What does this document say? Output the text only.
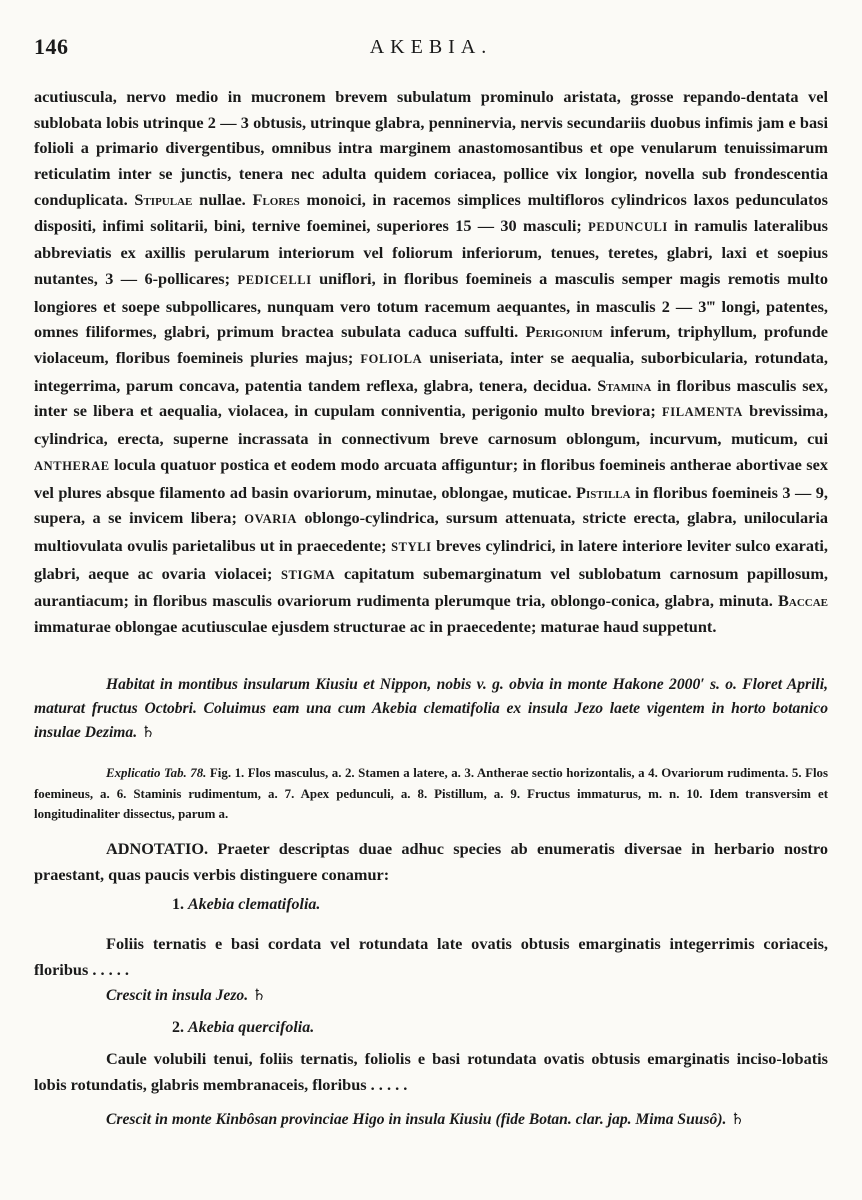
146	AKEBIA.

acutiuscula, nervo medio in mucronem brevem subulatum prominulo aristata, grosse repando-dentata vel sublobata lobis utrinque 2 — 3 obtusis, utrinque glabra, penninervia, nervis secundariis duobus infimis jam e basi folioli a primario divergentibus, omnibus intra marginem anastomosantibus et ope venularum tenuissimarum reticulatim inter se junctis, tenera nec adulta quidem coriacea, pollice vix longior, novella sub frondescentia conduplicata. Stipulae nullae. Flores monoici, in racemos simplices multifloros cylindricos laxos pedunculatos dispositi, infimi solitarii, bini, ternive foeminei, superiores 15 — 30 masculi; PEDUNCULI in ramulis lateralibus abbreviatis ex axillis perularum interiorum vel foliorum inferiorum, tenues, teretes, glabri, laxi et soepius nutantes, 3 — 6-pollicares; PEDICELLI uniflori, in floribus foemineis a masculis semper magis remotis multo longiores et soepe subpollicares, nunquam vero totum racemum aequantes, in masculis 2 — 3‴ longi, patentes, omnes filiformes, glabri, primum bractea subulata caduca suffulti. Perigonium inferum, triphyllum, profunde violaceum, floribus foemineis pluries majus; FOLIOLA uniseriata, inter se aequalia, suborbicularia, rotundata, integerrima, parum concava, patentia tandem reflexa, glabra, tenera, decidua. Stamina in floribus masculis sex, inter se libera et aequalia, violacea, in cupulam conniventia, perigonio multo breviora; FILAMENTA brevissima, cylindrica, erecta, superne incrassata in connectivum breve carnosum oblongum, incurvum, muticum, cui ANTHERAE locula quatuor postica et eodem modo arcuata affiguntur; in floribus foemineis antherae abortivae sex vel plures absque filamento ad basin ovariorum, minutae, oblongae, muticae. Pistilla in floribus foemineis 3 — 9, supera, a se invicem libera; OVARIA oblongo-cylindrica, sursum attenuata, stricte erecta, glabra, unilocularia multiovulata ovulis parietalibus ut in praecedente; STYLI breves cylindrici, in latere interiore leviter sulco exarati, glabri, aeque ac ovaria violacei; STIGMA capitatum subemarginatum vel sublobatum carnosum papillosum, aurantiacum; in floribus masculis ovariorum rudimenta plerumque tria, oblongo-conica, glabra, minuta. Baccae immaturae oblongae acutiusculae ejusdem structurae ac in praecedente; maturae haud suppetunt.

Habitat in montibus insularum Kiusiu et Nippon, nobis v. g. obvia in monte Hakone 2000′ s. o. Floret Aprili, maturat fructus Octobri. Coluimus eam una cum Akebia clematifolia ex insula Jezo laete vigentem in horto botanico insulae Dezima. ♄

Explicatio Tab. 78. Fig. 1. Flos masculus, a. 2. Stamen a latere, a. 3. Antherae sectio horizontalis, a 4. Ovariorum rudimenta. 5. Flos foemineus, a. 6. Staminis rudimentum, a. 7. Apex pedunculi, a. 8. Pistillum, a. 9. Fructus immaturus, m. n. 10. Idem transversim et longitudinaliter dissectus, parum a.

ADNOTATIO. Praeter descriptas duae adhuc species ab enumeratis diversae in herbario nostro praestant, quas paucis verbis distinguere conamur:

1. Akebia clematifolia.

Foliis ternatis e basi cordata vel rotundata late ovatis obtusis emarginatis integerrimis coriaceis, floribus . . . . .

Crescit in insula Jezo. ♄

2. Akebia quercifolia.

Caule volubili tenui, foliis ternatis, foliolis e basi rotundata ovatis obtusis emarginatis inciso-lobatis lobis rotundatis, glabris membranaceis, floribus . . . . .

Crescit in monte Kinbôsan provinciae Higo in insula Kiusiu (fide Botan. clar. jap. Mima Suusô). ♄
